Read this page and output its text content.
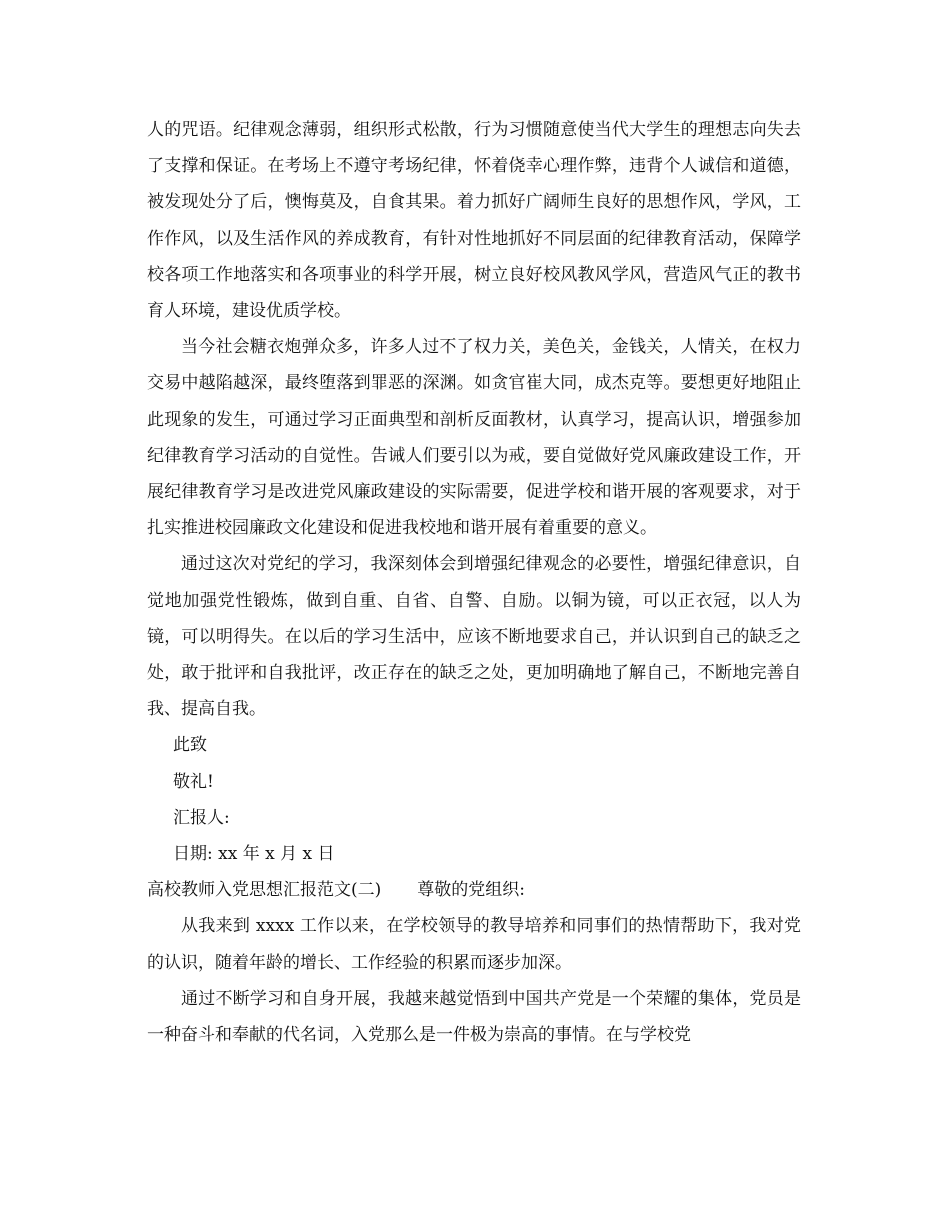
人的咒语。纪律观念薄弱，组织形式松散，行为习惯随意使当代大学生的理想志向失去了支撑和保证。在考场上不遵守考场纪律，怀着侥幸心理作弊，违背个人诚信和道德，被发现处分了后，懊悔莫及，自食其果。着力抓好广阔师生良好的思想作风，学风，工作作风，以及生活作风的养成教育，有针对性地抓好不同层面的纪律教育活动，保障学校各项工作地落实和各项事业的科学开展，树立良好校风教风学风，营造风气正的教书育人环境，建设优质学校。

当今社会糖衣炮弹众多，许多人过不了权力关，美色关，金钱关，人情关，在权力交易中越陷越深，最终堕落到罪恶的深渊。如贪官崔大同，成杰克等。要想更好地阻止此现象的发生，可通过学习正面典型和剖析反面教材，认真学习，提高认识，增强参加纪律教育学习活动的自觉性。告诫人们要引以为戒，要自觉做好党风廉政建设工作，开展纪律教育学习是改进党风廉政建设的实际需要，促进学校和谐开展的客观要求，对于扎实推进校园廉政文化建设和促进我校地和谐开展有着重要的意义。

通过这次对党纪的学习，我深刻体会到增强纪律观念的必要性，增强纪律意识，自觉地加强党性锻炼，做到自重、自省、自警、自励。以铜为镜，可以正衣冠，以人为镜，可以明得失。在以后的学习生活中，应该不断地要求自己，并认识到自己的缺乏之处，敢于批评和自我批评，改正存在的缺乏之处，更加明确地了解自己，不断地完善自我、提高自我。

此致

敬礼!

汇报人:

日期: xx 年 x 月 x 日

高校教师入党思想汇报范文(二) 尊敬的党组织:

从我来到 xxxx 工作以来，在学校领导的教导培养和同事们的热情帮助下，我对党的认识，随着年龄的增长、工作经验的积累而逐步加深。

通过不断学习和自身开展，我越来越觉悟到中国共产党是一个荣耀的集体，党员是一种奋斗和奉献的代名词，入党那么是一件极为崇高的事情。在与学校党
